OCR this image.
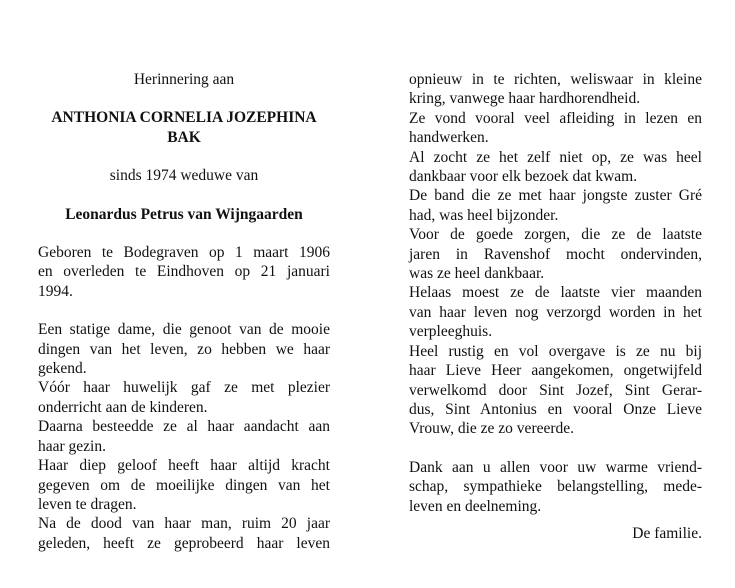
Herinnering aan
ANTHONIA CORNELIA JOZEPHINA
BAK
sinds 1974 weduwe van
Leonardus Petrus van Wijngaarden
Geboren te Bodegraven op 1 maart 1906
en overleden te Eindhoven op 21 januari
1994.
Een statige dame, die genoot van de mooie
dingen van het leven, zo hebben we haar
gekend.
Vóór haar huwelijk gaf ze met plezier
onderricht aan de kinderen.
Daarna besteedde ze al haar aandacht aan
haar gezin.
Haar diep geloof heeft haar altijd kracht
gegeven om de moeilijke dingen van het
leven te dragen.
Na de dood van haar man, ruim 20 jaar
geleden, heeft ze geprobeerd haar leven
opnieuw in te richten, weliswaar in kleine
kring, vanwege haar hardhorendheid.
Ze vond vooral veel afleiding in lezen en
handwerken.
Al zocht ze het zelf niet op, ze was heel
dankbaar voor elk bezoek dat kwam.
De band die ze met haar jongste zuster Gré
had, was heel bijzonder.
Voor de goede zorgen, die ze de laatste
jaren in Ravenshof mocht ondervinden,
was ze heel dankbaar.
Helaas moest ze de laatste vier maanden
van haar leven nog verzorgd worden in het
verpleeghuis.
Heel rustig en vol overgave is ze nu bij
haar Lieve Heer aangekomen, ongetwijfeld
verwelkomd door Sint Jozef, Sint Gerar-
dus, Sint Antonius en vooral Onze Lieve
Vrouw, die ze zo vereerde.
Dank aan u allen voor uw warme vriend-
schap, sympathieke belangstelling, mede-
leven en deelneming.
De familie.
